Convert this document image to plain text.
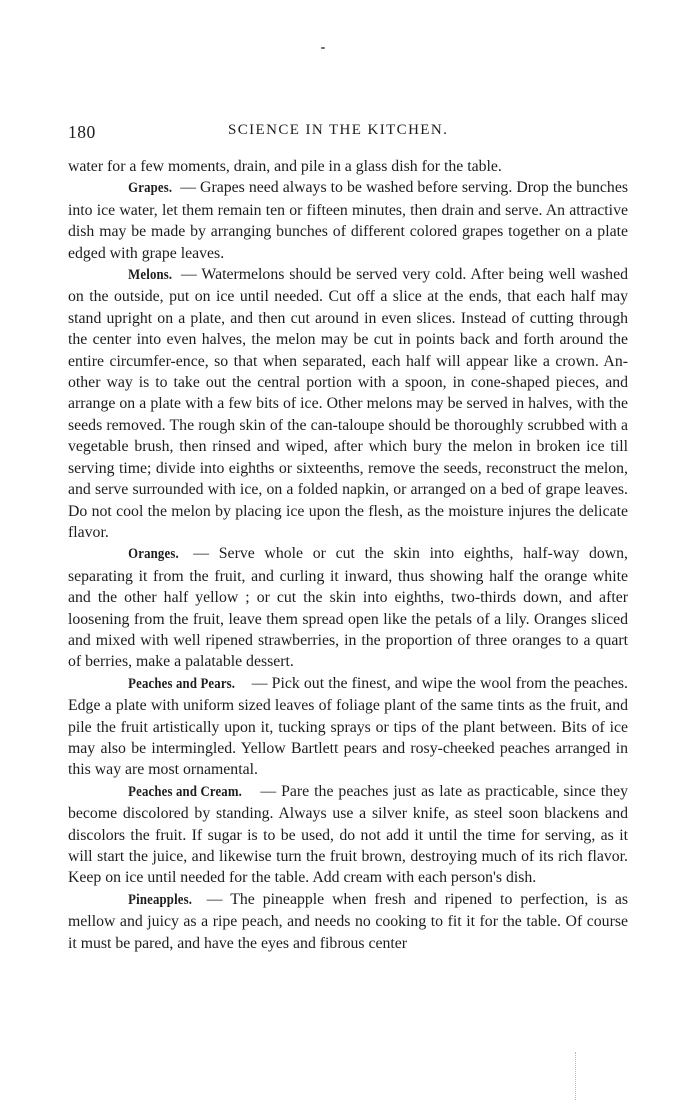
180	SCIENCE IN THE KITCHEN.

water for a few moments, drain, and pile in a glass dish for the table.

Grapes. — Grapes need always to be washed before serving. Drop the bunches into ice water, let them remain ten or fifteen minutes, then drain and serve. An attractive dish may be made by arranging bunches of different colored grapes together on a plate edged with grape leaves.

Melons. — Watermelons should be served very cold. After being well washed on the outside, put on ice until needed. Cut off a slice at the ends, that each half may stand upright on a plate, and then cut around in even slices. Instead of cutting through the center into even halves, the melon may be cut in points back and forth around the entire circumfer-ence, so that when separated, each half will appear like a crown. An-other way is to take out the central portion with a spoon, in cone-shaped pieces, and arrange on a plate with a few bits of ice. Other melons may be served in halves, with the seeds removed. The rough skin of the can-taloupe should be thoroughly scrubbed with a vegetable brush, then rinsed and wiped, after which bury the melon in broken ice till serving time; divide into eighths or sixteenths, remove the seeds, reconstruct the melon, and serve surrounded with ice, on a folded napkin, or arranged on a bed of grape leaves. Do not cool the melon by placing ice upon the flesh, as the moisture injures the delicate flavor.

Oranges. — Serve whole or cut the skin into eighths, half-way down, separating it from the fruit, and curling it inward, thus showing half the orange white and the other half yellow ; or cut the skin into eighths, two-thirds down, and after loosening from the fruit, leave them spread open like the petals of a lily. Oranges sliced and mixed with well ripened strawberries, in the proportion of three oranges to a quart of berries, make a palatable dessert.

Peaches and Pears. — Pick out the finest, and wipe the wool from the peaches. Edge a plate with uniform sized leaves of foliage plant of the same tints as the fruit, and pile the fruit artistically upon it, tucking sprays or tips of the plant between. Bits of ice may also be intermingled. Yellow Bartlett pears and rosy-cheeked peaches arranged in this way are most ornamental.

Peaches and Cream. — Pare the peaches just as late as practicable, since they become discolored by standing. Always use a silver knife, as steel soon blackens and discolors the fruit. If sugar is to be used, do not add it until the time for serving, as it will start the juice, and likewise turn the fruit brown, destroying much of its rich flavor. Keep on ice until needed for the table. Add cream with each person's dish.

Pineapples. — The pineapple when fresh and ripened to perfection, is as mellow and juicy as a ripe peach, and needs no cooking to fit it for the table. Of course it must be pared, and have the eyes and fibrous center
